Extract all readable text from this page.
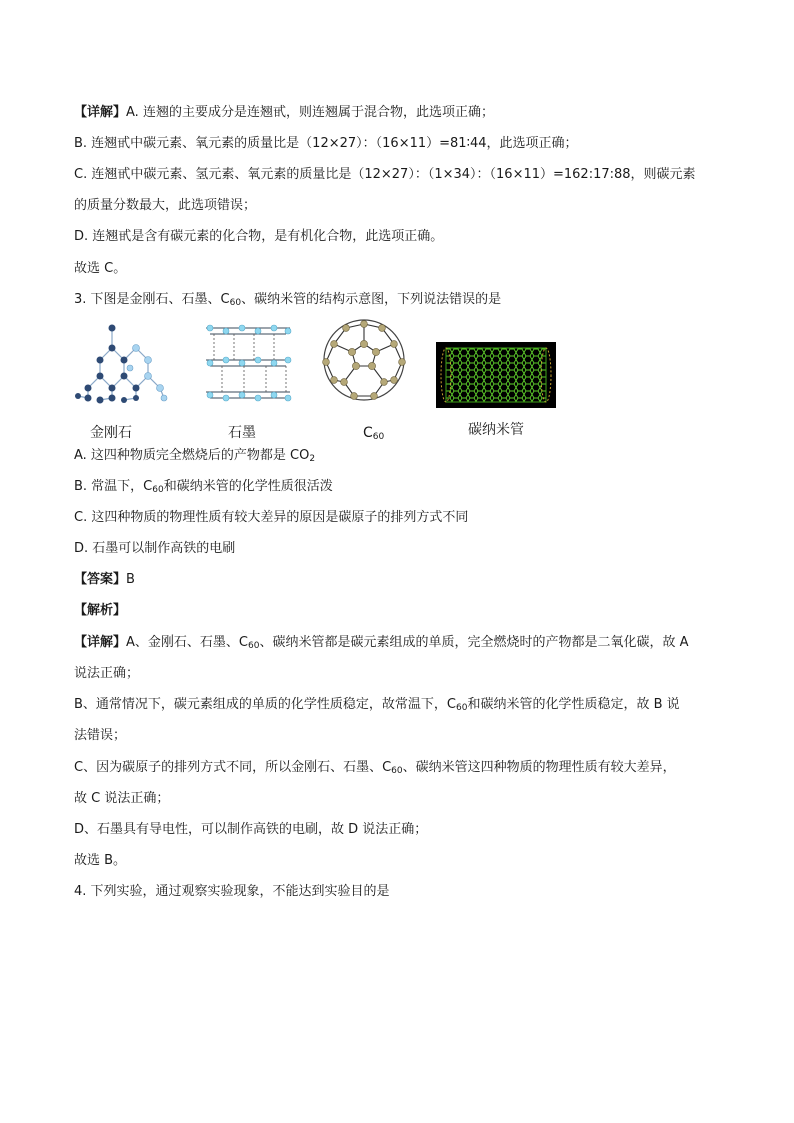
【详解】A. 连翘的主要成分是连翘甙，则连翘属于混合物，此选项正确；
B. 连翘甙中碳元素、氧元素的质量比是（12×27）：（16×11）=81∶44，此选项正确；
C. 连翘甙中碳元素、氢元素、氧元素的质量比是（12×27）：（1×34）：（16×11）=162:17:88，则碳元素
的质量分数最大，此选项错误；
D. 连翘甙是含有碳元素的化合物，是有机化合物，此选项正确。
故选 C。
3. 下图是金刚石、石墨、$C_{60}$、碳纳米管的结构示意图，下列说法错误的是
金刚石	石墨	$C_{60}$	碳纳米管
A. 这四种物质完全燃烧后的产物都是 $CO_2$
B. 常温下，$C_{60}$和碳纳米管的化学性质很活泼
C. 这四种物质的物理性质有较大差异的原因是碳原子的排列方式不同
D. 石墨可以制作高铁的电刷
【答案】B
【解析】
【详解】A、金刚石、石墨、$C_{60}$、碳纳米管都是碳元素组成的单质，完全燃烧时的产物都是二氧化碳，故 A
说法正确；
B、通常情况下，碳元素组成的单质的化学性质稳定，故常温下，$C_{60}$和碳纳米管的化学性质稳定，故 B 说
法错误；
C、因为碳原子的排列方式不同，所以金刚石、石墨、$C_{60}$、碳纳米管这四种物质的物理性质有较大差异，
故 C 说法正确；
D、石墨具有导电性，可以制作高铁的电刷，故 D 说法正确；
故选 B。
4. 下列实验，通过观察实验现象，不能达到实验目的是
